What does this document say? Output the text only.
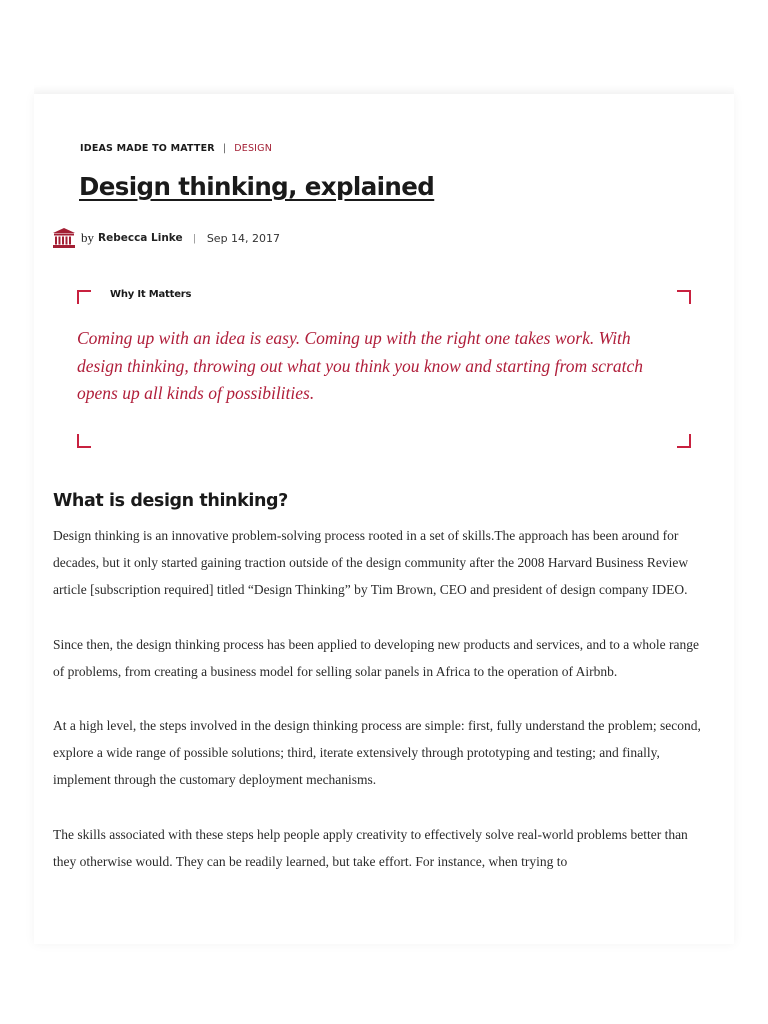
IDEAS MADE TO MATTER | DESIGN
Design thinking, explained
by Rebecca Linke | Sep 14, 2017
Why It Matters

Coming up with an idea is easy. Coming up with the right one takes work. With design thinking, throwing out what you think you know and starting from scratch opens up all kinds of possibilities.

What is design thinking?

Design thinking is an innovative problem-solving process rooted in a set of skills.The approach has been around for decades, but it only started gaining traction outside of the design community after the 2008 Harvard Business Review article [subscription required] titled “Design Thinking” by Tim Brown, CEO and president of design company IDEO.

Since then, the design thinking process has been applied to developing new products and services, and to a whole range of problems, from creating a business model for selling solar panels in Africa to the operation of Airbnb.

At a high level, the steps involved in the design thinking process are simple: first, fully understand the problem; second, explore a wide range of possible solutions; third, iterate extensively through prototyping and testing; and finally, implement through the customary deployment mechanisms.

The skills associated with these steps help people apply creativity to effectively solve real-world problems better than they otherwise would. They can be readily learned, but take effort. For instance, when trying to
